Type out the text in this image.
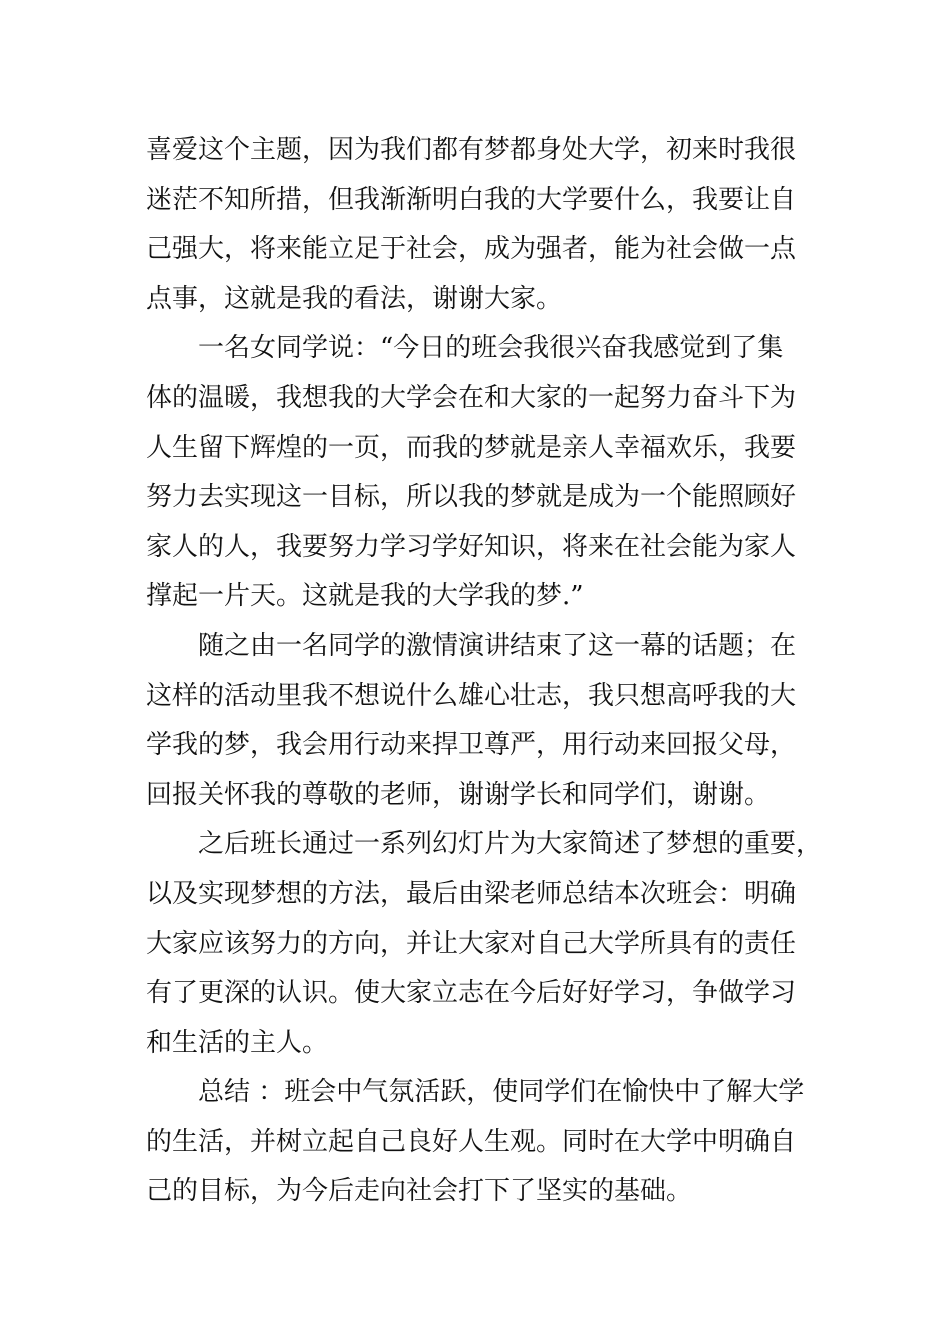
喜爱这个主题，因为我们都有梦都身处大学，初来时我很
迷茫不知所措，但我渐渐明白我的大学要什么，我要让自
己强大，将来能立足于社会，成为强者，能为社会做一点
点事，这就是我的看法，谢谢大家。
一名女同学说：“今日的班会我很兴奋我感觉到了集
体的温暖，我想我的大学会在和大家的一起努力奋斗下为
人生留下辉煌的一页，而我的梦就是亲人幸福欢乐，我要
努力去实现这一目标，所以我的梦就是成为一个能照顾好
家人的人，我要努力学习学好知识，将来在社会能为家人
撑起一片天。这就是我的大学我的梦.”
随之由一名同学的激情演讲结束了这一幕的话题；在
这样的活动里我不想说什么雄心壮志，我只想高呼我的大
学我的梦，我会用行动来捍卫尊严，用行动来回报父母，
回报关怀我的尊敬的老师，谢谢学长和同学们，谢谢。
之后班长通过一系列幻灯片为大家简述了梦想的重要，
以及实现梦想的方法，最后由梁老师总结本次班会：明确
大家应该努力的方向，并让大家对自己大学所具有的责任
有了更深的认识。使大家立志在今后好好学习，争做学习
和生活的主人。
总结 ：班会中气氛活跃，使同学们在愉快中了解大学
的生活，并树立起自己良好人生观。同时在大学中明确自
己的目标，为今后走向社会打下了坚实的基础。
